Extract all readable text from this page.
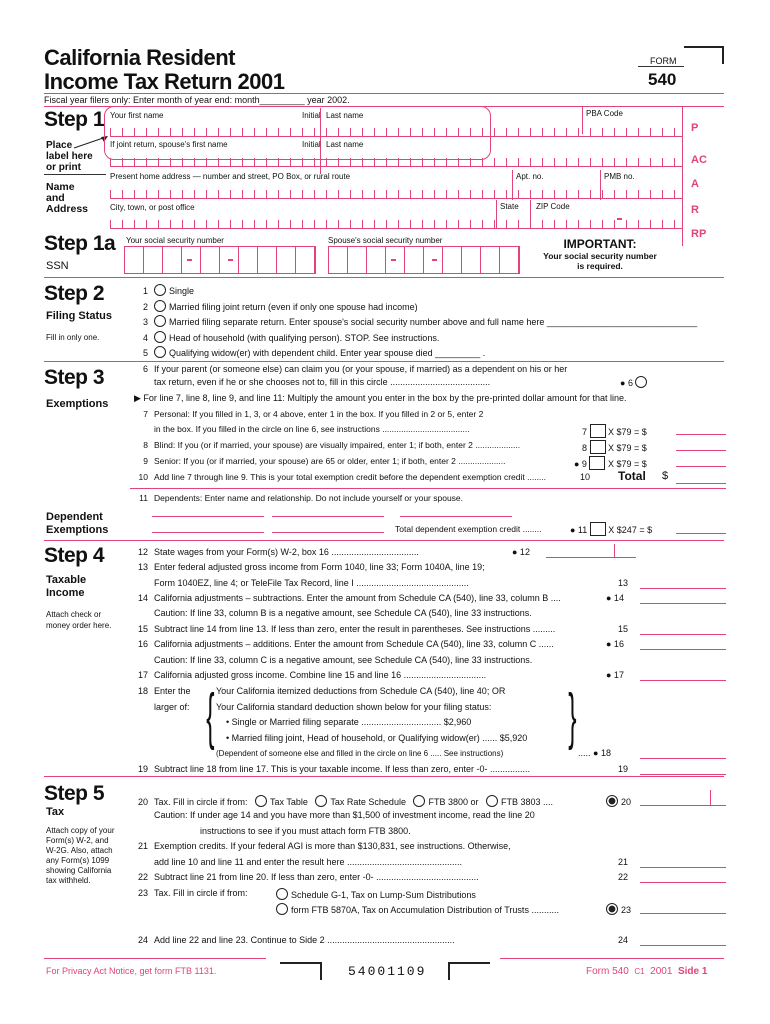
California Resident
Income Tax Return 2001
FORM
540
Fiscal year filers only: Enter month of year end: month_________ year 2002.
Step 1
Place
label here
or print
Name
and
Address
Your first name	Initial Last name	PBA Code
If joint return, spouse's first name	Initial Last name
Present home address — number and street, PO Box, or rural route	Apt. no.	PMB no.
City, town, or post office	State ZIP Code
P
AC
A
R
RP
Step 1a
SSN
Your social security number	Spouse's social security number	IMPORTANT:
Your social security number
is required.
Step 2
Filing Status
Fill in only one.
1 Single
2 Married filing joint return (even if only one spouse had income)
3 Married filing separate return. Enter spouse's social security number above and full name here ______________________________
4 Head of household (with qualifying person). STOP. See instructions.
5 Qualifying widow(er) with dependent child. Enter year spouse died _________ .
Step 3
Exemptions
6 If your parent (or someone else) can claim you (or your spouse, if married) as a dependent on his or her
tax return, even if he or she chooses not to, fill in this circle ........................................	● 6
▶ For line 7, line 8, line 9, and line 11: Multiply the amount you enter in the box by the pre-printed dollar amount for that line.
7 Personal: If you filled in 1, 3, or 4 above, enter 1 in the box. If you filled in 2 or 5, enter 2
in the box. If you filled in the circle on line 6, see instructions .....................................	7  X $79 = $
8 Blind: If you (or if married, your spouse) are visually impaired, enter 1; if both, enter 2 ...................	8  X $79 = $
9 Senior: If you (or if married, your spouse) are 65 or older, enter 1; if both, enter 2 ....................	● 9  X $79 = $
10 Add line 7 through line 9. This is your total exemption credit before the dependent exemption credit ........	10 Total $
11 Dependents: Enter name and relationship. Do not include yourself or your spouse.
Dependent
Exemptions	Total dependent exemption credit ........	● 11  X $247 = $
Step 4
Taxable
Income
Attach check or
money order here.
12 State wages from your Form(s) W-2, box 16 ...................................	● 12
13 Enter federal adjusted gross income from Form 1040, line 33; Form 1040A, line 19;
Form 1040EZ, line 4; or TeleFile Tax Record, line I .............................................	13
14 California adjustments – subtractions. Enter the amount from Schedule CA (540), line 33, column B ....	● 14
Caution: If line 33, column B is a negative amount, see Schedule CA (540), line 33 instructions.
15 Subtract line 14 from line 13. If less than zero, enter the result in parentheses. See instructions .........	15
16 California adjustments – additions. Enter the amount from Schedule CA (540), line 33, column C ......	● 16
Caution: If line 33, column C is a negative amount, see Schedule CA (540), line 33 instructions.
17 California adjusted gross income. Combine line 15 and line 16 .................................	● 17
18 Enter the
larger of: { Your California itemized deductions from Schedule CA (540), line 40; OR
Your California standard deduction shown below for your filing status:
• Single or Married filing separate ................................ $2,960
• Married filing joint, Head of household, or Qualifying widow(er) ...... $5,920
(Dependent of someone else and filled in the circle on line 6 ..... See instructions)
}
..... ● 18
19 Subtract line 18 from line 17. This is your taxable income. If less than zero, enter -0- ................	19
Step 5
Tax
Attach copy of your
Form(s) W-2, and
W-2G. Also, attach
any Form(s) 1099
showing California
tax withheld.
20 Tax. Fill in circle if from:	Tax Table	Tax Rate Schedule	FTB 3800 or	FTB 3803 ....	20
Caution: If under age 14 and you have more than $1,500 of investment income, read the line 20
instructions to see if you must attach form FTB 3800.
21 Exemption credits. If your federal AGI is more than $130,831, see instructions. Otherwise,
add line 10 and line 11 and enter the result here ..............................................	21
22 Subtract line 21 from line 20. If less than zero, enter -0- .........................................	22
23 Tax. Fill in circle if from:	Schedule G-1, Tax on Lump-Sum Distributions
form FTB 5870A, Tax on Accumulation Distribution of Trusts ...........	23
24 Add line 22 and line 23. Continue to Side 2 ...................................................	24
For Privacy Act Notice, get form FTB 1131.	54001109	Form 540 C1 2001 Side 1
